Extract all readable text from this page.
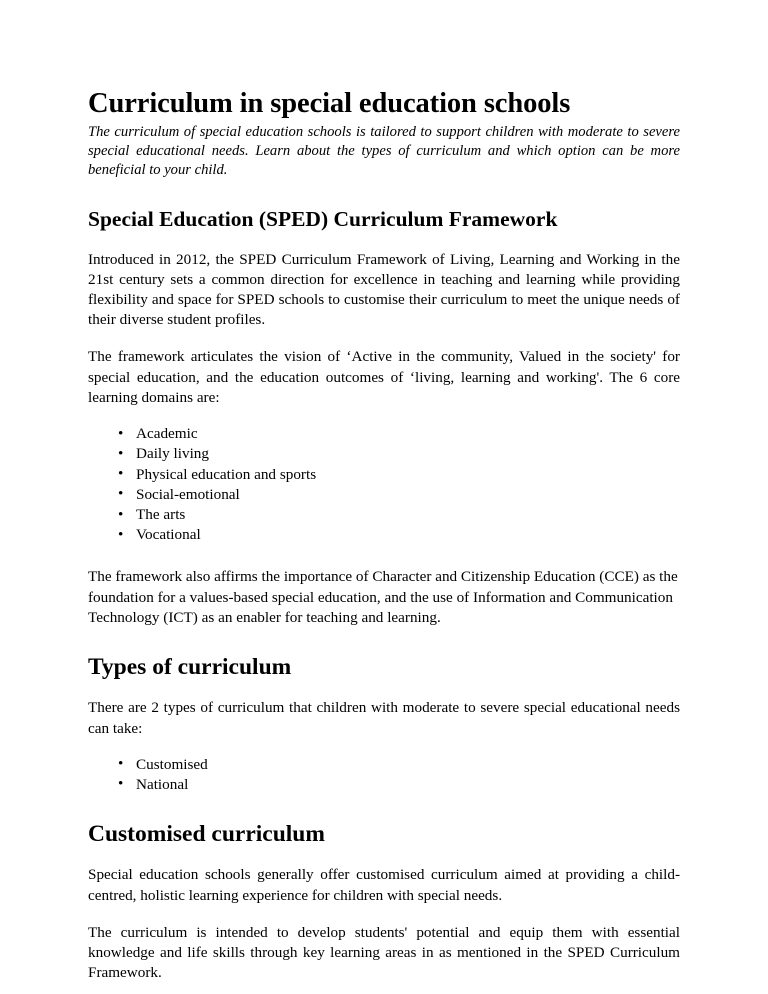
Curriculum in special education schools

The curriculum of special education schools is tailored to support children with moderate to severe special educational needs. Learn about the types of curriculum and which option can be more beneficial to your child.

Special Education (SPED) Curriculum Framework

Introduced in 2012, the SPED Curriculum Framework of Living, Learning and Working in the 21st century sets a common direction for excellence in teaching and learning while providing flexibility and space for SPED schools to customise their curriculum to meet the unique needs of their diverse student profiles.

The framework articulates the vision of ‘Active in the community, Valued in the society' for special education, and the education outcomes of ‘living, learning and working'. The 6 core learning domains are:

• Academic
• Daily living
• Physical education and sports
• Social-emotional
• The arts
• Vocational

The framework also affirms the importance of Character and Citizenship Education (CCE) as the foundation for a values-based special education, and the use of Information and Communication Technology (ICT) as an enabler for teaching and learning.

Types of curriculum

There are 2 types of curriculum that children with moderate to severe special educational needs can take:

• Customised
• National
Customised curriculum

Special education schools generally offer customised curriculum aimed at providing a child-centred, holistic learning experience for children with special needs.

The curriculum is intended to develop students' potential and equip them with essential knowledge and life skills through key learning areas in as mentioned in the SPED Curriculum Framework.
